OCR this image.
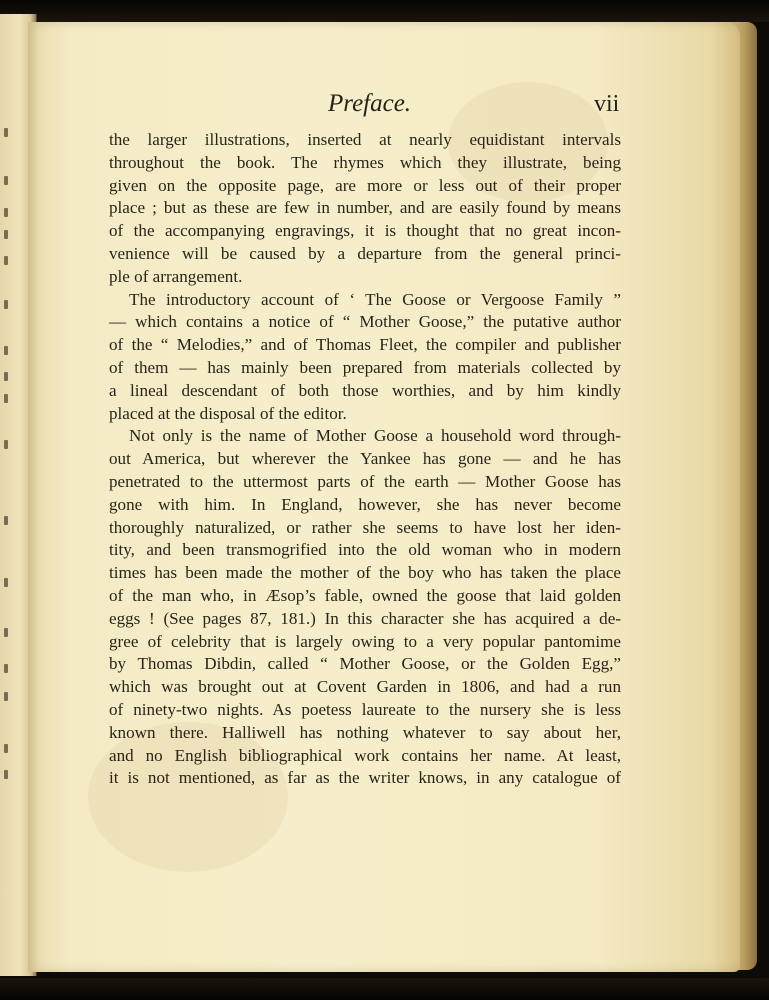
Preface.	vii
the larger illustrations, inserted at nearly equidistant intervals
throughout the book. The rhymes which they illustrate, being
given on the opposite page, are more or less out of their proper
place ; but as these are few in number, and are easily found by means
of the accompanying engravings, it is thought that no great incon-
venience will be caused by a departure from the general princi-
ple of arrangement.
The introductory account of ‘ The Goose or Vergoose Family ”
— which contains a notice of “ Mother Goose,” the putative author
of the “ Melodies,” and of Thomas Fleet, the compiler and publisher
of them — has mainly been prepared from materials collected by
a lineal descendant of both those worthies, and by him kindly
placed at the disposal of the editor.
Not only is the name of Mother Goose a household word through-
out America, but wherever the Yankee has gone — and he has
penetrated to the uttermost parts of the earth — Mother Goose has
gone with him. In England, however, she has never become
thoroughly naturalized, or rather she seems to have lost her iden-
tity, and been transmogrified into the old woman who in modern
times has been made the mother of the boy who has taken the place
of the man who, in Æsop’s fable, owned the goose that laid golden
eggs ! (See pages 87, 181.) In this character she has acquired a de-
gree of celebrity that is largely owing to a very popular pantomime
by Thomas Dibdin, called “ Mother Goose, or the Golden Egg,”
which was brought out at Covent Garden in 1806, and had a run
of ninety-two nights. As poetess laureate to the nursery she is less
known there. Halliwell has nothing whatever to say about her,
and no English bibliographical work contains her name. At least,
it is not mentioned, as far as the writer knows, in any catalogue of
